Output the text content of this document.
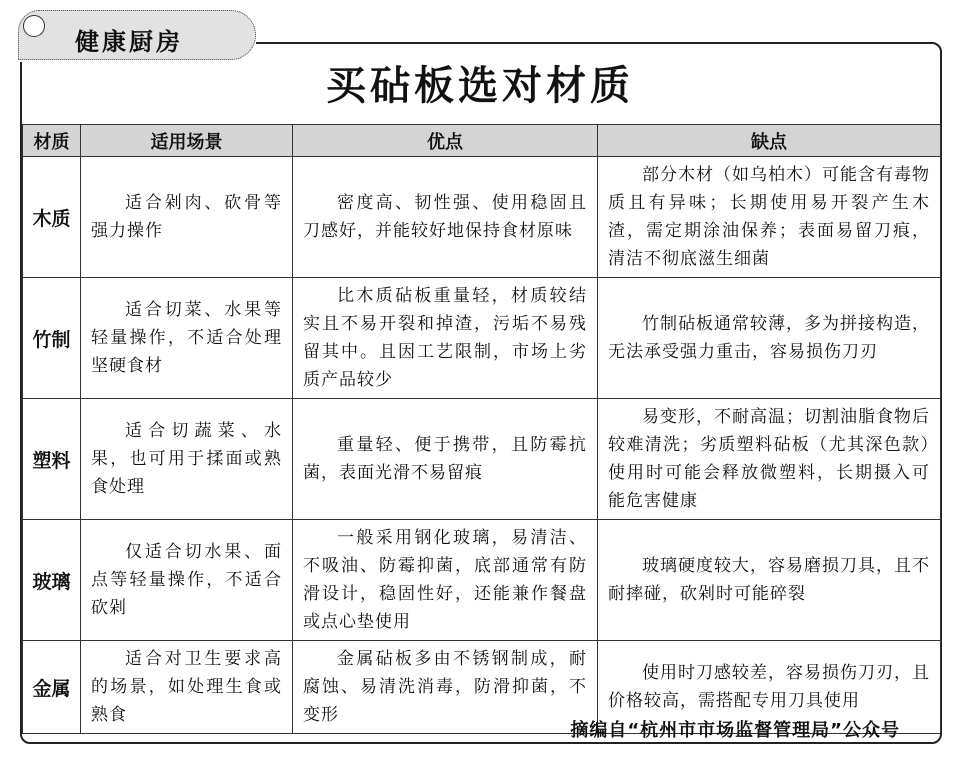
健康厨房
买砧板选对材质
材质	适用场景	优点	缺点
木质	适合剁肉、砍骨等强力操作	密度高、韧性强、使用稳固且刀感好，并能较好地保持食材原味	部分木材（如乌柏木）可能含有毒物质且有异味；长期使用易开裂产生木渣，需定期涂油保养；表面易留刀痕，清洁不彻底滋生细菌
竹制	适合切菜、水果等轻量操作，不适合处理坚硬食材	比木质砧板重量轻，材质较结实且不易开裂和掉渣，污垢不易残留其中。且因工艺限制，市场上劣质产品较少	竹制砧板通常较薄，多为拼接构造，无法承受强力重击，容易损伤刀刃
塑料	适合切蔬菜、水果，也可用于揉面或熟食处理	重量轻、便于携带，且防霉抗菌，表面光滑不易留痕	易变形，不耐高温；切割油脂食物后较难清洗；劣质塑料砧板（尤其深色款）使用时可能会释放微塑料，长期摄入可能危害健康
玻璃	仅适合切水果、面点等轻量操作，不适合砍剁	一般采用钢化玻璃，易清洁、不吸油、防霉抑菌，底部通常有防滑设计，稳固性好，还能兼作餐盘或点心垫使用	玻璃硬度较大，容易磨损刀具，且不耐摔碰，砍剁时可能碎裂
金属	适合对卫生要求高的场景，如处理生食或熟食	金属砧板多由不锈钢制成，耐腐蚀、易清洗消毒，防滑抑菌，不变形	使用时刀感较差，容易损伤刀刃，且价格较高，需搭配专用刀具使用
摘编自“杭州市市场监督管理局”公众号
